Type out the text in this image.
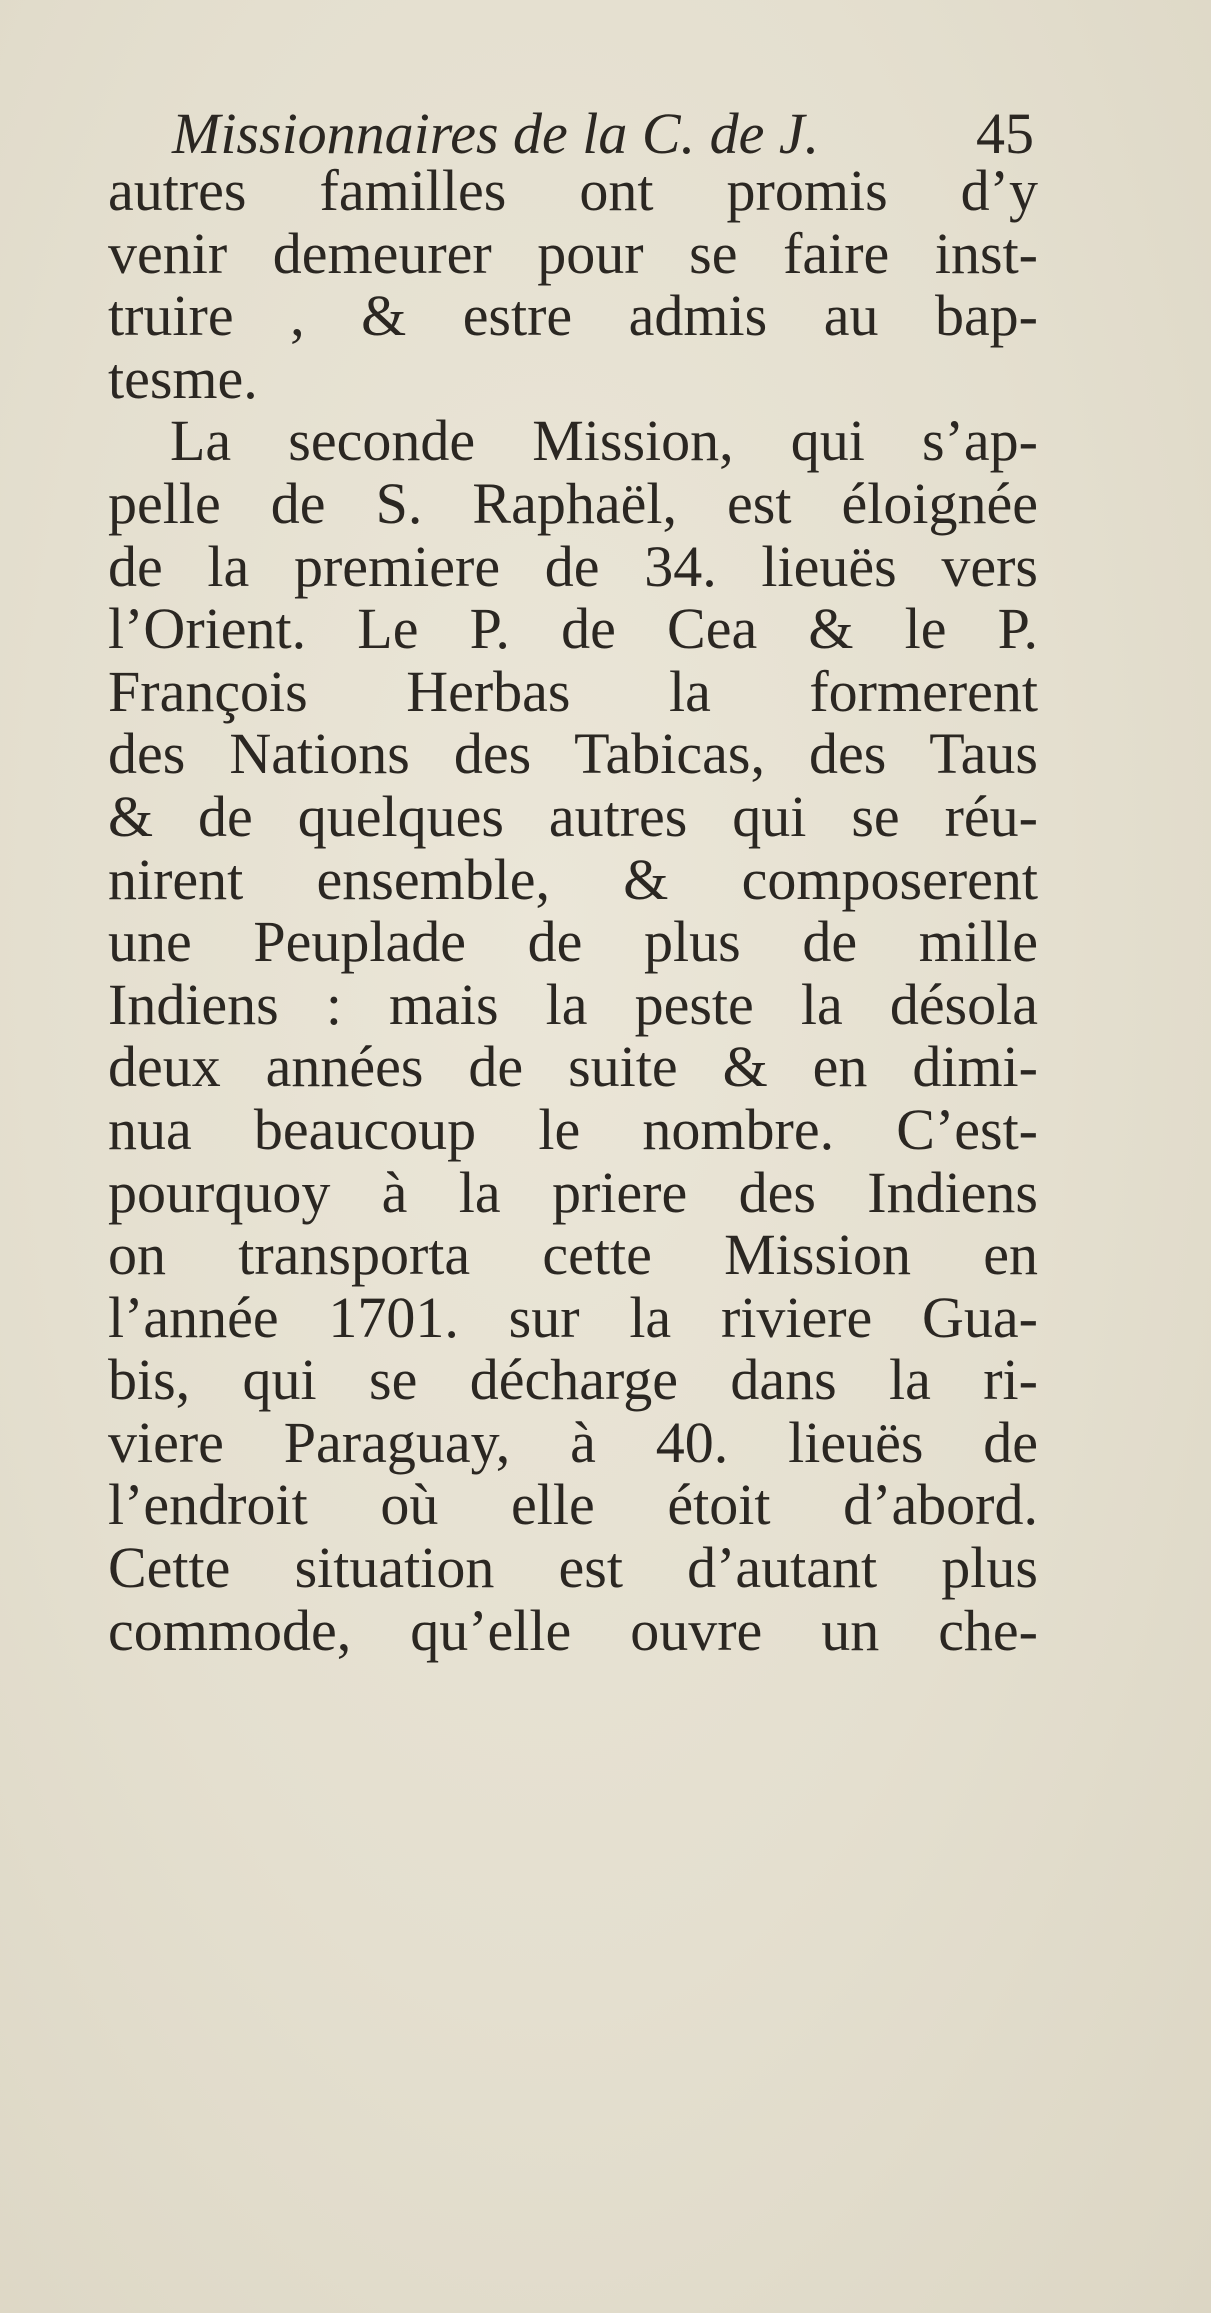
Missionnaires de la C. de J.	45
autres familles ont promis d’y
venir demeurer pour se faire inst-
truire , & estre admis au bap-
tesme.
La seconde Mission, qui s’ap-
pelle de S. Raphaël, est éloignée
de la premiere de 34. lieuës vers
l’Orient. Le P. de Cea & le P.
François Herbas la formerent
des Nations des Tabicas, des Taus
& de quelques autres qui se réu-
nirent ensemble, & composerent
une Peuplade de plus de mille
Indiens : mais la peste la désola
deux années de suite & en dimi-
nua beaucoup le nombre. C’est-
pourquoy à la priere des Indiens
on transporta cette Mission en
l’année 1701. sur la riviere Gua-
bis, qui se décharge dans la ri-
viere Paraguay, à 40. lieuës de
l’endroit où elle étoit d’abord.
Cette situation est d’autant plus
commode, qu’elle ouvre un che-
